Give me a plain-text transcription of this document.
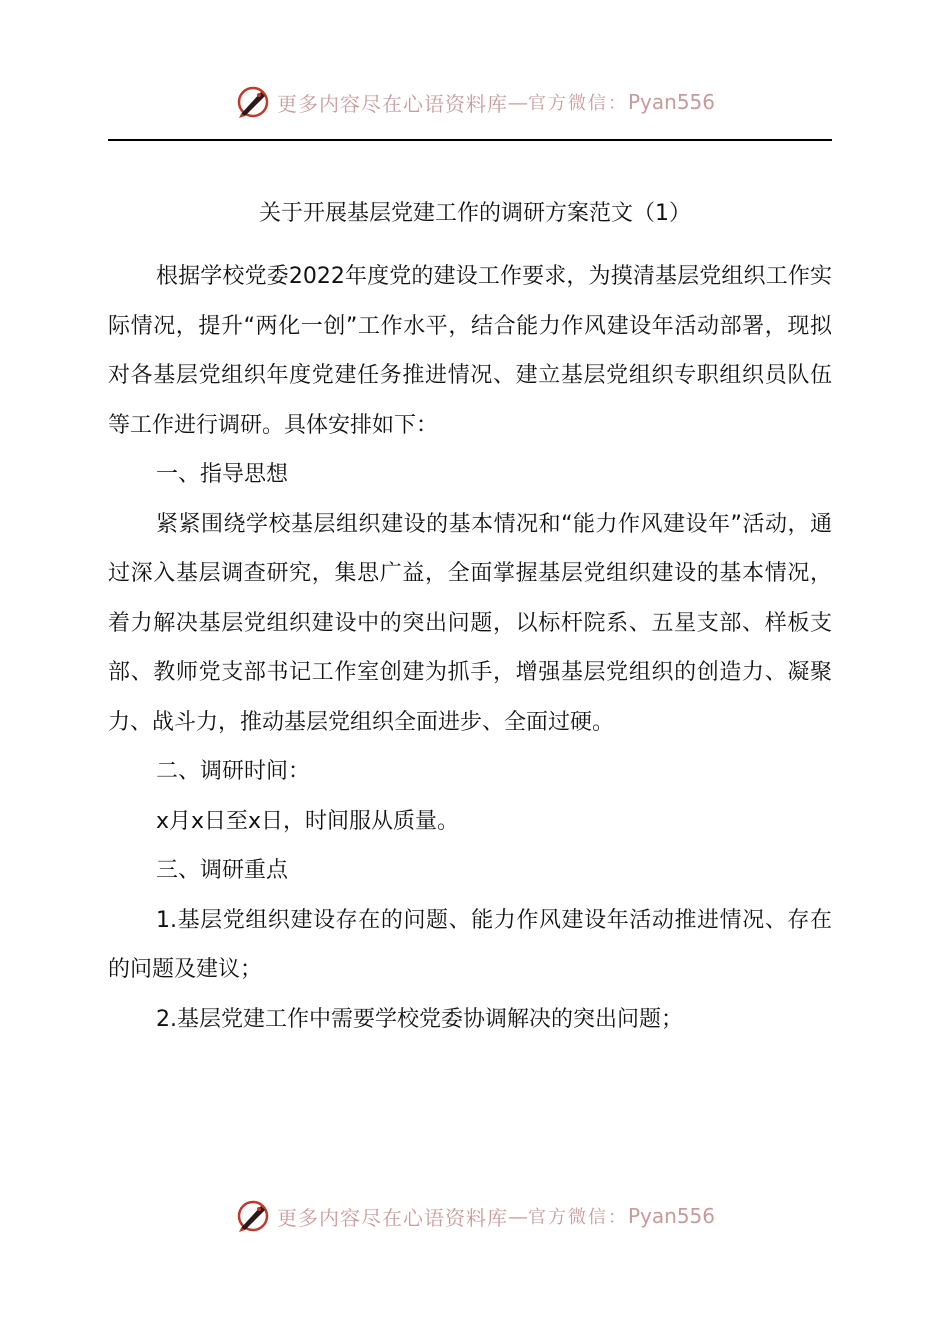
更多内容尽在心语资料库 — 官方微信： Pyan556
关于开展基层党建工作的调研方案范文（1）

根据学校党委2022年度党的建设工作要求，为摸清基层党组织工作实际情况，提升“两化一创”工作水平，结合能力作风建设年活动部署，现拟对各基层党组织年度党建任务推进情况、建立基层党组织专职组织员队伍等工作进行调研。具体安排如下：

一、指导思想

紧紧围绕学校基层组织建设的基本情况和“能力作风建设年”活动，通过深入基层调查研究，集思广益，全面掌握基层党组织建设的基本情况，着力解决基层党组织建设中的突出问题，以标杆院系、五星支部、样板支部、教师党支部书记工作室创建为抓手，增强基层党组织的创造力、凝聚力、战斗力，推动基层党组织全面进步、全面过硬。

二、调研时间：

x月x日至x日，时间服从质量。

三、调研重点

1.基层党组织建设存在的问题、能力作风建设年活动推进情况、存在的问题及建议；

2.基层党建工作中需要学校党委协调解决的突出问题；

更多内容尽在心语资料库 — 官方微信： Pyan556
